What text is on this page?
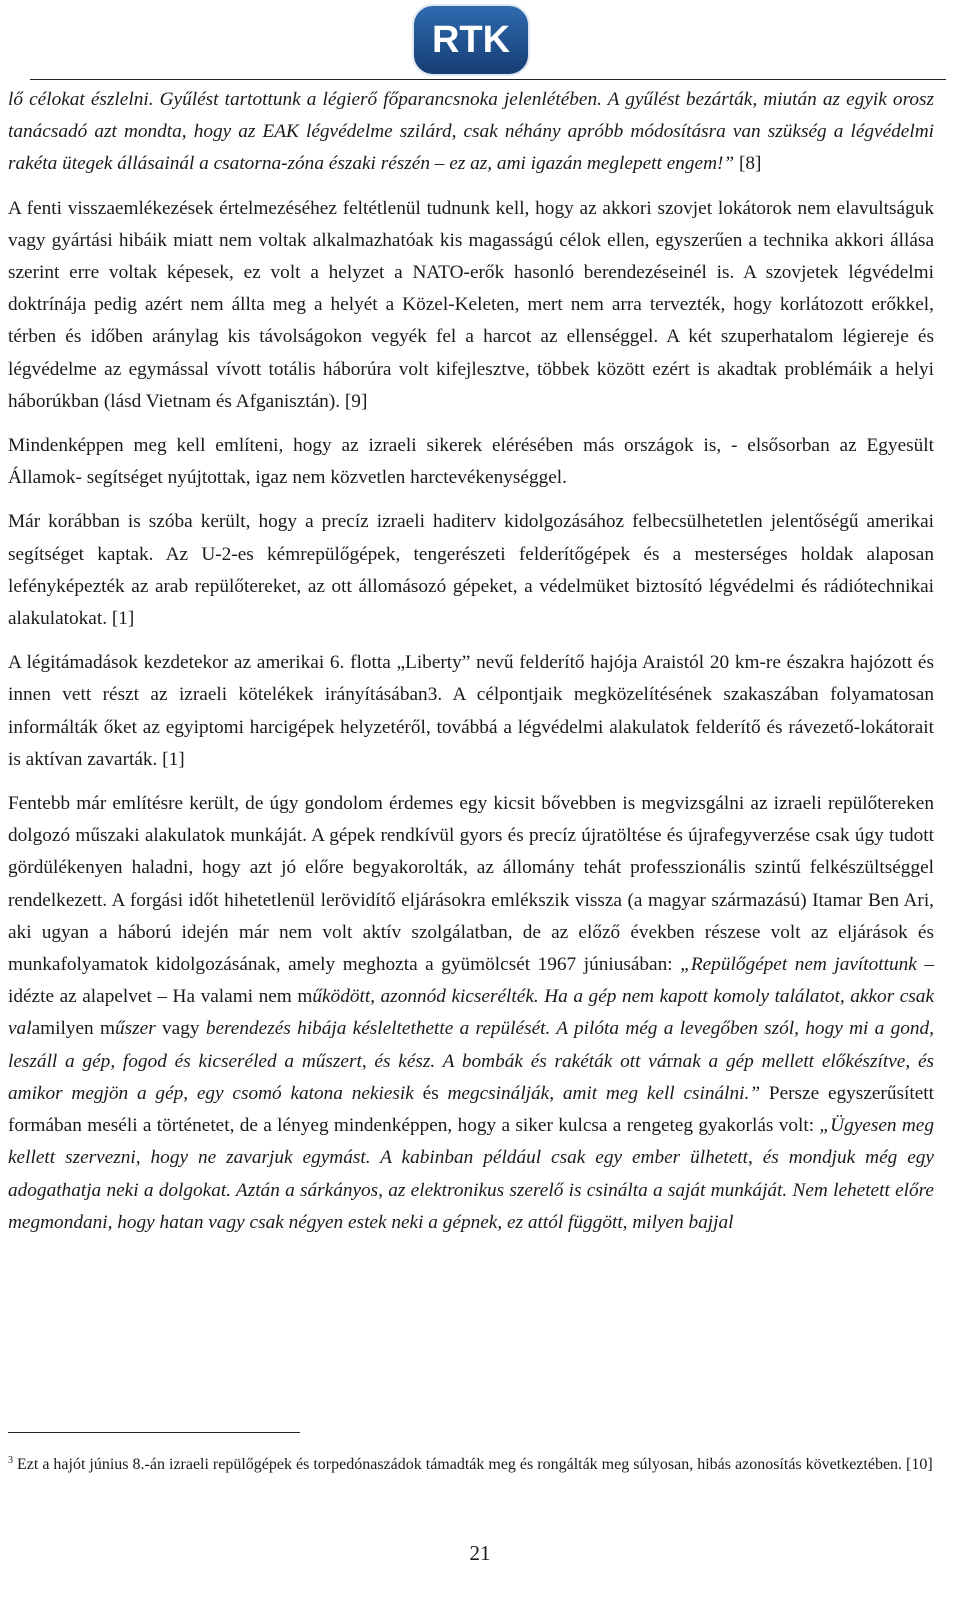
RTK

lő célokat észlelni. Gyűlést tartottunk a légierő főparancsnoka jelenlétében. A gyűlést bezárták, miután az egyik orosz tanácsadó azt mondta, hogy az EAK légvédelme szilárd, csak néhány apróbb módosításra van szükség a légvédelmi rakéta ütegek állásainál a csatorna-zóna északi részén – ez az, ami igazán meglepett engem!” [8]

A fenti visszaemlékezések értelmezéséhez feltétlenül tudnunk kell, hogy az akkori szovjet lokátorok nem elavultságuk vagy gyártási hibáik miatt nem voltak alkalmazhatóak kis magasságú célok ellen, egyszerűen a technika akkori állása szerint erre voltak képesek, ez volt a helyzet a NATO-erők hasonló berendezéseinél is. A szovjetek légvédelmi doktrínája pedig azért nem állta meg a helyét a Közel-Keleten, mert nem arra tervezték, hogy korlátozott erőkkel, térben és időben aránylag kis távolságokon vegyék fel a harcot az ellenséggel. A két szuperhatalom légiereje és légvédelme az egymással vívott totális háborúra volt kifejlesztve, többek között ezért is akadtak problémáik a helyi háborúkban (lásd Vietnam és Afganisztán). [9]

Mindenképpen meg kell említeni, hogy az izraeli sikerek elérésében más országok is, - elsősorban az Egyesült Államok- segítséget nyújtottak, igaz nem közvetlen harctevékenységgel.

Már korábban is szóba került, hogy a precíz izraeli haditerv kidolgozásához felbecsülhetetlen jelentőségű amerikai segítséget kaptak. Az U-2-es kémrepülőgépek, tengerészeti felderítőgépek és a mesterséges holdak alaposan lefényképezték az arab repülőtereket, az ott állomásozó gépeket, a védelmüket biztosító légvédelmi és rádiótechnikai alakulatokat. [1]

A légitámadások kezdetekor az amerikai 6. flotta „Liberty” nevű felderítő hajója Araistól 20 km-re északra hajózott és innen vett részt az izraeli kötelékek irányításában3. A célpontjaik megközelítésének szakaszában folyamatosan informálták őket az egyiptomi harcigépek helyzetéről, továbbá a légvédelmi alakulatok felderítő és rávezető-lokátorait is aktívan zavarták. [1]

Fentebb már említésre került, de úgy gondolom érdemes egy kicsit bővebben is megvizsgálni az izraeli repülőtereken dolgozó műszaki alakulatok munkáját. A gépek rendkívül gyors és precíz újratöltése és újrafegyverzése csak úgy tudott gördülékenyen haladni, hogy azt jó előre begyakorolták, az állomány tehát professzionális szintű felkészültséggel rendelkezett. A forgási időt hihetetlenül lerövidítő eljárásokra emlékszik vissza (a magyar származású) Itamar Ben Ari, aki ugyan a háború idején már nem volt aktív szolgálatban, de az előző években részese volt az eljárások és munkafolyamatok kidolgozásának, amely meghozta a gyümölcsét 1967 júniusában: „Repülőgépet nem javítottunk – idézte az alapelvet – Ha valami nem működött, azonnód kicserélték. Ha a gép nem kapott komoly találatot, akkor csak valamilyen műszer vagy berendezés hibája késleltethette a repülését. A pilóta még a levegőben szól, hogy mi a gond, leszáll a gép, fogod és kicseréled a műszert, és kész. A bombák és rakéták ott várnak a gép mellett előkészítve, és amikor megjön a gép, egy csomó katona nekiesik és megcsinálják, amit meg kell csinálni.” Persze egyszerűsített formában meséli a történetet, de a lényeg mindenképpen, hogy a siker kulcsa a rengeteg gyakorlás volt: „Ügyesen meg kellett szervezni, hogy ne zavarjuk egymást. A kabinban például csak egy ember ülhetett, és mondjuk még egy adogathatja neki a dolgokat. Aztán a sárkányos, az elektronikus szerelő is csinálta a saját munkáját. Nem lehetett előre megmondani, hogy hatan vagy csak négyen estek neki a gépnek, ez attól függött, milyen bajjal

$^3$ Ezt a hajót június 8.-án izraeli repülőgépek és torpedónaszádok támadták meg és rongálták meg súlyosan, hibás azonosítás következtében. [10]
21
